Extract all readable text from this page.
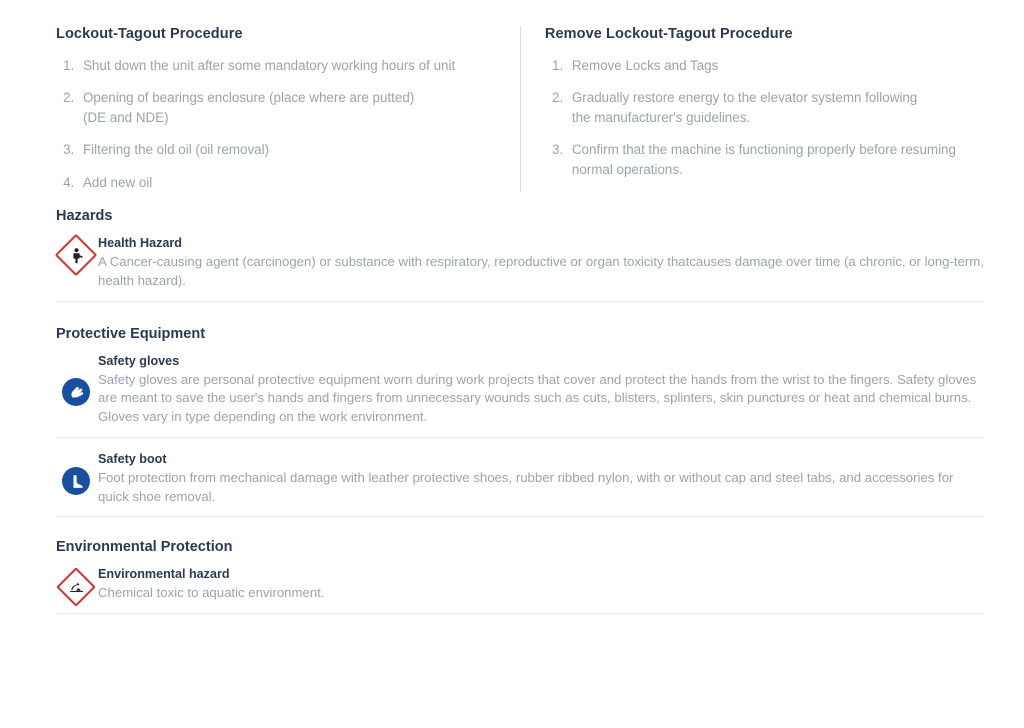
Lockout-Tagout Procedure
1. Shut down the unit after some mandatory working hours of unit
2. Opening of bearings enclosure (place where are putted)
(DE and NDE)
3. Filtering the old oil (oil removal)
4. Add new oil
Remove Lockout-Tagout Procedure
1. Remove Locks and Tags
2. Gradually restore energy to the elevator systemn following
the manufacturer's guidelines.
3. Confirm that the machine is functioning properly before resuming
normal operations.
Hazards

Health Hazard

A Cancer-causing agent (carcinogen) or substance with respiratory, reproductive or organ toxicity thatcauses damage over time (a chronic, or long-term, health hazard).

Protective Equipment

Safety gloves

Safety gloves are personal protective equipment worn during work projects that cover and protect the hands from the wrist to the fingers. Safety gloves are meant to save the user's hands and fingers from unnecessary wounds such as cuts, blisters, splinters, skin punctures or heat and chemical burns. Gloves vary in type depending on the work environment.

Safety boot

Foot protection from mechanical damage with leather protective shoes, rubber ribbed nylon, with or without cap and steel tabs, and accessories for quick shoe removal.

Environmental Protection

Environmental hazard

Chemical toxic to aquatic environment.
